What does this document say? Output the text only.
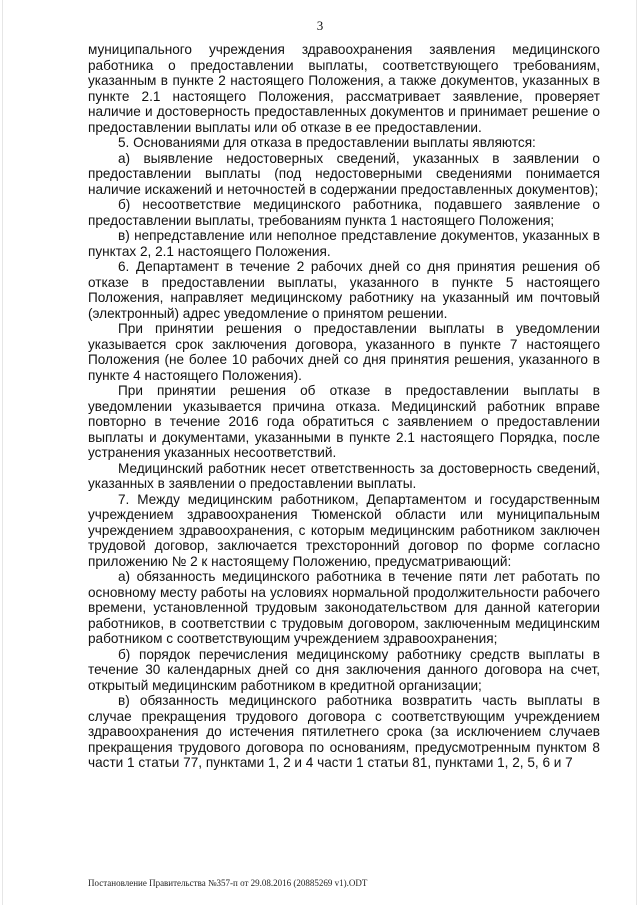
3

муниципального учреждения здравоохранения заявления медицинского работника о предоставлении выплаты, соответствующего требованиям, указанным в пункте 2 настоящего Положения, а также документов, указанных в пункте 2.1 настоящего Положения, рассматривает заявление, проверяет наличие и достоверность предоставленных документов и принимает решение о предоставлении выплаты или об отказе в ее предоставлении.

5. Основаниями для отказа в предоставлении выплаты являются:

а) выявление недостоверных сведений, указанных в заявлении о предоставлении выплаты (под недостоверными сведениями понимается наличие искажений и неточностей в содержании предоставленных документов);

б) несоответствие медицинского работника, подавшего заявление о предоставлении выплаты, требованиям пункта 1 настоящего Положения;

в) непредставление или неполное представление документов, указанных в пунктах 2, 2.1 настоящего Положения.

6. Департамент в течение 2 рабочих дней со дня принятия решения об отказе в предоставлении выплаты, указанного в пункте 5 настоящего Положения, направляет медицинскому работнику на указанный им почтовый (электронный) адрес уведомление о принятом решении.

При принятии решения о предоставлении выплаты в уведомлении указывается срок заключения договора, указанного в пункте 7 настоящего Положения (не более 10 рабочих дней со дня принятия решения, указанного в пункте 4 настоящего Положения).

При принятии решения об отказе в предоставлении выплаты в уведомлении указывается причина отказа. Медицинский работник вправе повторно в течение 2016 года обратиться с заявлением о предоставлении выплаты и документами, указанными в пункте 2.1 настоящего Порядка, после устранения указанных несоответствий.

Медицинский работник несет ответственность за достоверность сведений, указанных в заявлении о предоставлении выплаты.

7. Между медицинским работником, Департаментом и государственным учреждением здравоохранения Тюменской области или муниципальным учреждением здравоохранения, с которым медицинским работником заключен трудовой договор, заключается трехсторонний договор по форме согласно приложению № 2 к настоящему Положению, предусматривающий:

а) обязанность медицинского работника в течение пяти лет работать по основному месту работы на условиях нормальной продолжительности рабочего времени, установленной трудовым законодательством для данной категории работников, в соответствии с трудовым договором, заключенным медицинским работником с соответствующим учреждением здравоохранения;

б) порядок перечисления медицинскому работнику средств выплаты в течение 30 календарных дней со дня заключения данного договора на счет, открытый медицинским работником в кредитной организации;

в) обязанность медицинского работника возвратить часть выплаты в случае прекращения трудового договора с соответствующим учреждением здравоохранения до истечения пятилетнего срока (за исключением случаев прекращения трудового договора по основаниям, предусмотренным пунктом 8 части 1 статьи 77, пунктами 1, 2 и 4 части 1 статьи 81, пунктами 1, 2, 5, 6 и 7

Постановление Правительства №357-п от 29.08.2016 (20885269 v1).ODT
